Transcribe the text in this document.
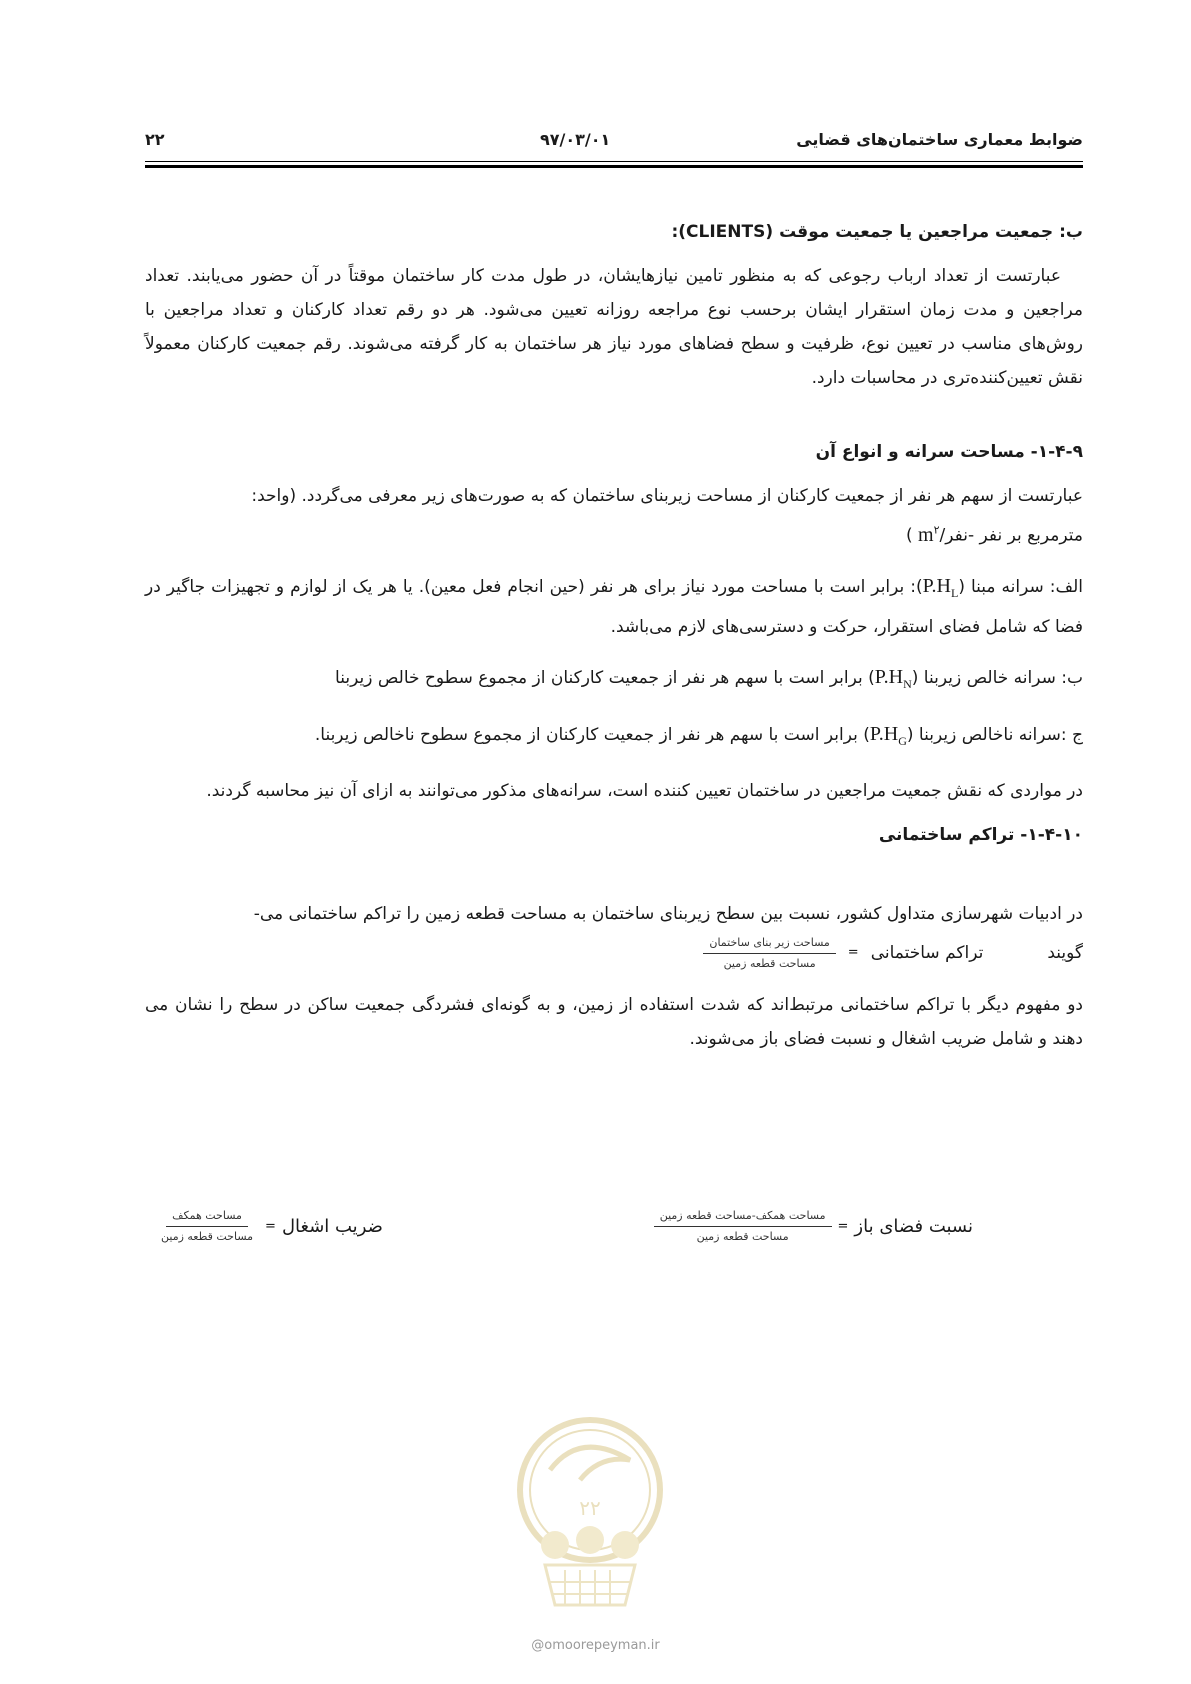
ضوابط معماری ساختمان‌های قضایی
۹۷/۰۳/۰۱
۲۲

ب: جمعیت مراجعین یا جمعیت موقت (CLIENTS):

عبارتست از تعداد ارباب رجوعی که به منظور تامین نیازهایشان، در طول مدت کار ساختمان موقتاً در آن حضور می‌یابند. تعداد مراجعین و مدت زمان استقرار ایشان برحسب نوع مراجعه روزانه تعیین می‌شود. هر دو رقم تعداد کارکنان و تعداد مراجعین با روش‌های مناسب در تعیین نوع، ظرفیت و سطح فضاهای مورد نیاز هر ساختمان به کار گرفته می‌شوند. رقم جمعیت کارکنان معمولاً نقش تعیین‌کننده‌تری در محاسبات دارد.

۱-۴-۹- مساحت سرانه و انواع آن

عبارتست از سهم هر نفر از جمعیت کارکنان از مساحت زیربنای ساختمان که به صورت‌های زیر معرفی می‌گردد. (واحد:
مترمربع بر نفر $-نفر/m^۲$ )

الف: سرانه مبنا $(P.H_L)$: برابر است با مساحت مورد نیاز برای هر نفر (حین انجام فعل معین). یا هر یک از لوازم و تجهیزات جاگیر در فضا که شامل فضای استقرار، حرکت و دسترسی‌های لازم می‌باشد.

ب: سرانه خالص زیربنا $(P.H_N)$ برابر است با سهم هر نفر از جمعیت کارکنان از مجموع سطوح خالص زیربنا

ج :سرانه ناخالص زیربنا $(P.H_G)$ برابر است با سهم هر نفر از جمعیت کارکنان از مجموع سطوح ناخالص زیربنا.

در مواردی که نقش جمعیت مراجعین در ساختمان تعیین کننده است، سرانه‌های مذکور می‌توانند به ازای آن نیز محاسبه گردند.

۱-۴-۱۰- تراکم ساختمانی

در ادبیات شهرسازی متداول کشور، نسبت بین سطح زیربنای ساختمان به مساحت قطعه زمین را تراکم ساختمانی می-

گویند
تراکم ساختمانی
=
$\frac{\text{مساحت زیر بنای ساختمان}}{\text{مساحت قطعه زمین}}$

دو مفهوم دیگر با تراکم ساختمانی مرتبط‌اند که شدت استفاده از زمین، و به گونه‌ای فشردگی جمعیت ساکن در سطح را نشان می دهند و شامل ضریب اشغال و نسبت فضای باز می‌شوند.

نسبت فضای باز
=
$\frac{\text{مساحت همکف-مساحت قطعه زمین}}{\text{مساحت قطعه زمین}}$
ضریب اشغال
=
$\frac{\text{مساحت همکف}}{\text{مساحت قطعه زمین}}$
۲۲
@omoorepeyman.ir
